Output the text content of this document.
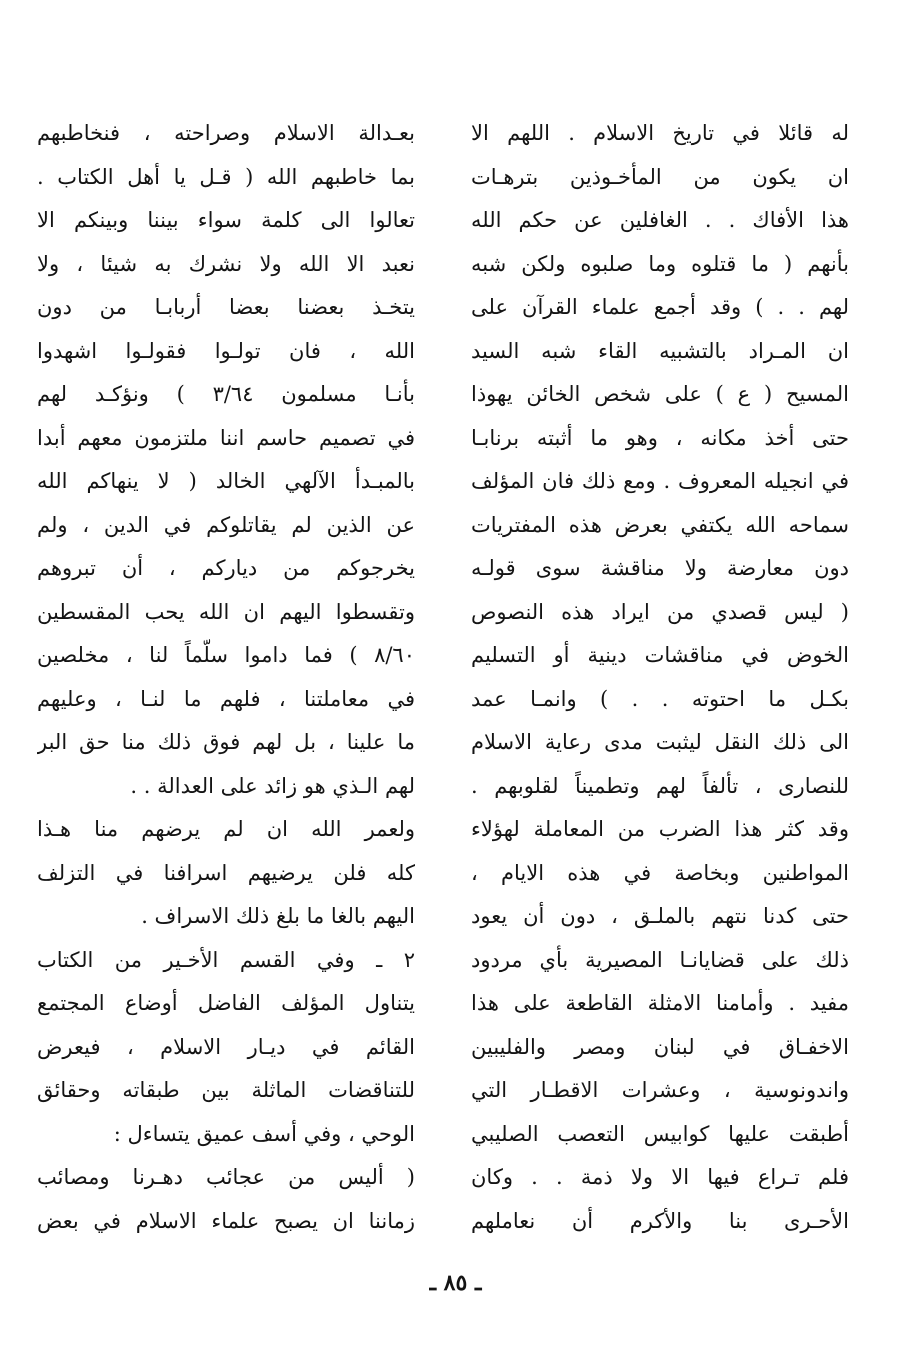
له قائلا في تاريخ الاسلام . اللهم الا
ان يكون من المأخـوذين بترهـات
هذا الأفاك . . الغافلين عن حكم الله
بأنهم ( ما قتلوه وما صلبوه ولكن شبه
لهم . . ) وقد أجمع علماء القرآن على
ان المـراد بالتشبيه القاء شبه السيد
المسيح ( ع ) على شخص الخائن يهوذا
حتى أخذ مكانه ، وهو ما أثبته برنابـا
في انجيله المعروف . ومع ذلك فان المؤلف
سماحه الله يكتفي بعرض هذه المفتريات
دون معارضة ولا مناقشة سوى قولـه
( ليس قصدي من ايراد هذه النصوص
الخوض في مناقشات دينية أو التسليم
بكـل ما احتوته . . ) وانمـا عمد
الى ذلك النقل ليثبت مدى رعاية الاسلام
للنصارى ، تألفاً لهم وتطميناً لقلوبهم .
وقد كثر هذا الضرب من المعاملة لهؤلاء
المواطنين وبخاصة في هذه الايام ،
حتى كدنا نتهم بالملـق ، دون أن يعود
ذلك على قضايانـا المصيرية بأي مردود
مفيد . وأمامنا الامثلة القاطعة على هذا
الاخفـاق في لبنان ومصر والفليبين
واندونوسية ، وعشرات الاقطـار التي
أطبقت عليها كوابيس التعصب الصليبي
فلم تـراع فيها الا ولا ذمة . . وكان
الأحـرى بنا والأكرم أن نعاملهم
بعـدالة الاسلام وصراحته ، فنخاطبهم
بما خاطبهم الله ( قـل يا أهل الكتاب .
تعالوا الى كلمة سواء بيننا وبينكم الا
نعبد الا الله ولا نشرك به شيئا ، ولا
يتخـذ بعضنا بعضا أربابـا من دون
الله ، فان تولـوا فقولـوا اشهدوا
بأنـا مسلمون ٣/٦٤ ) ونؤكـد لهم
في تصميم حاسم اننا ملتزمون معهم أبدا
بالمبـدأ الآلهي الخالد ( لا ينهاكم الله
عن الذين لم يقاتلوكم في الدين ، ولم
يخرجوكم من دياركم ، أن تبروهم
وتقسطوا اليهم ان الله يحب المقسطين
٨/٦٠ ) فما داموا سلّماً لنا ، مخلصين
في معاملتنا ، فلهم ما لنـا ، وعليهم
ما علينا ، بل لهم فوق ذلك منا حق البر
لهم الـذي هو زائد على العدالة . .
ولعمر الله ان لم يرضهم منا هـذا
كله فلن يرضيهم اسرافنا في التزلف
اليهم بالغا ما بلغ ذلك الاسراف .
٢ ـ وفي القسم الأخـير من الكتاب
يتناول المؤلف الفاضل أوضاع المجتمع
القائم في ديـار الاسلام ، فيعرض
للتناقضات الماثلة بين طبقاته وحقائق
الوحي ، وفي أسف عميق يتساءل :
( أليس من عجائب دهـرنا ومصائب
زماننا ان يصبح علماء الاسلام في بعض
ـ ٨٥ ـ
